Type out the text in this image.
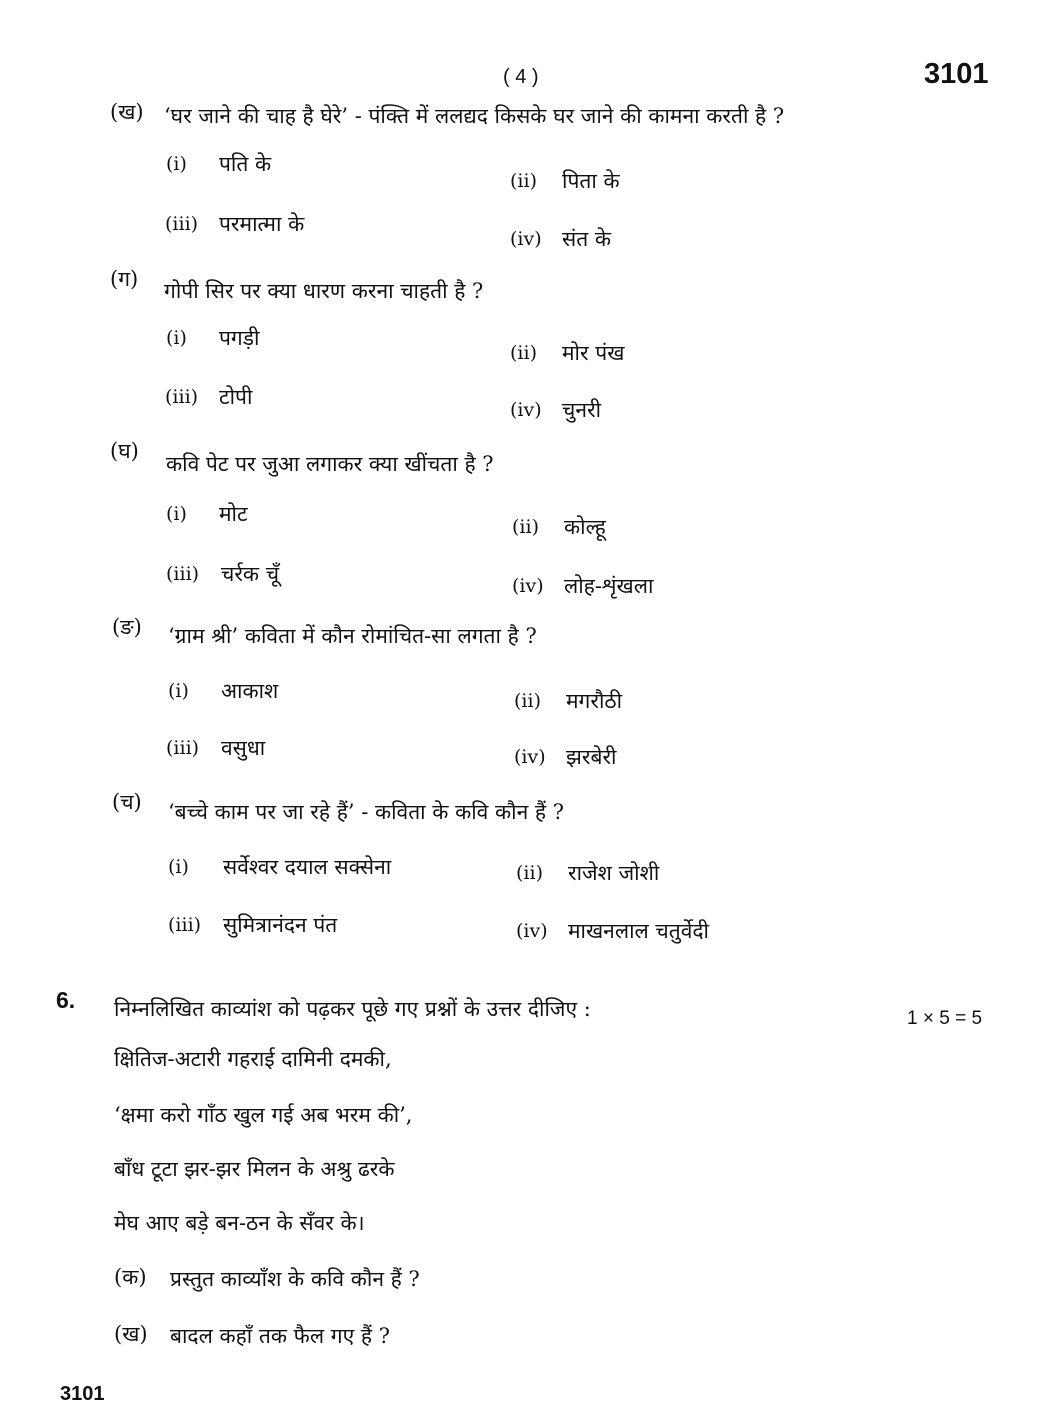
( 4 )	3101
(ख) ‘घर जाने की चाह है घेरे’ - पंक्ति में ललद्यद किसके घर जाने की कामना करती है ?
(i) पति के
(ii) पिता के
(iii) परमात्मा के
(iv) संत के
(ग) गोपी सिर पर क्या धारण करना चाहती है ?
(i) पगड़ी
(ii) मोर पंख
(iii) टोपी
(iv) चुनरी
(घ)
कवि पेट पर जुआ लगाकर क्या खींचता है ?
(i) मोट
(ii) कोल्हू
(iii) चर्रक चूँ	(iv) लोह-शृंखला
(ङ) ‘ग्राम श्री’ कविता में कौन रोमांचित-सा लगता है ?
(i) आकाश	(ii) मगरौठी
(iii) वसुधा	(iv) झरबेरी
(च) ‘बच्चे काम पर जा रहे हैं’ - कविता के कवि कौन हैं ?
(i) सर्वेश्वर दयाल सक्सेना	(ii) राजेश जोशी
(iii) सुमित्रानंदन पंत	(iv) माखनलाल चतुर्वेदी
6. निम्नलिखित काव्यांश को पढ़कर पूछे गए प्रश्नों के उत्तर दीजिए :	1 × 5 = 5
क्षितिज-अटारी गहराई दामिनी दमकी,
‘क्षमा करो गाँठ खुल गई अब भरम की’,
बाँध टूटा झर-झर मिलन के अश्रु ढरके
मेघ आए बड़े बन-ठन के सँवर के।
(क) प्रस्तुत काव्याँश के कवि कौन हैं ?
(ख) बादल कहाँ तक फैल गए हैं ?
3101
